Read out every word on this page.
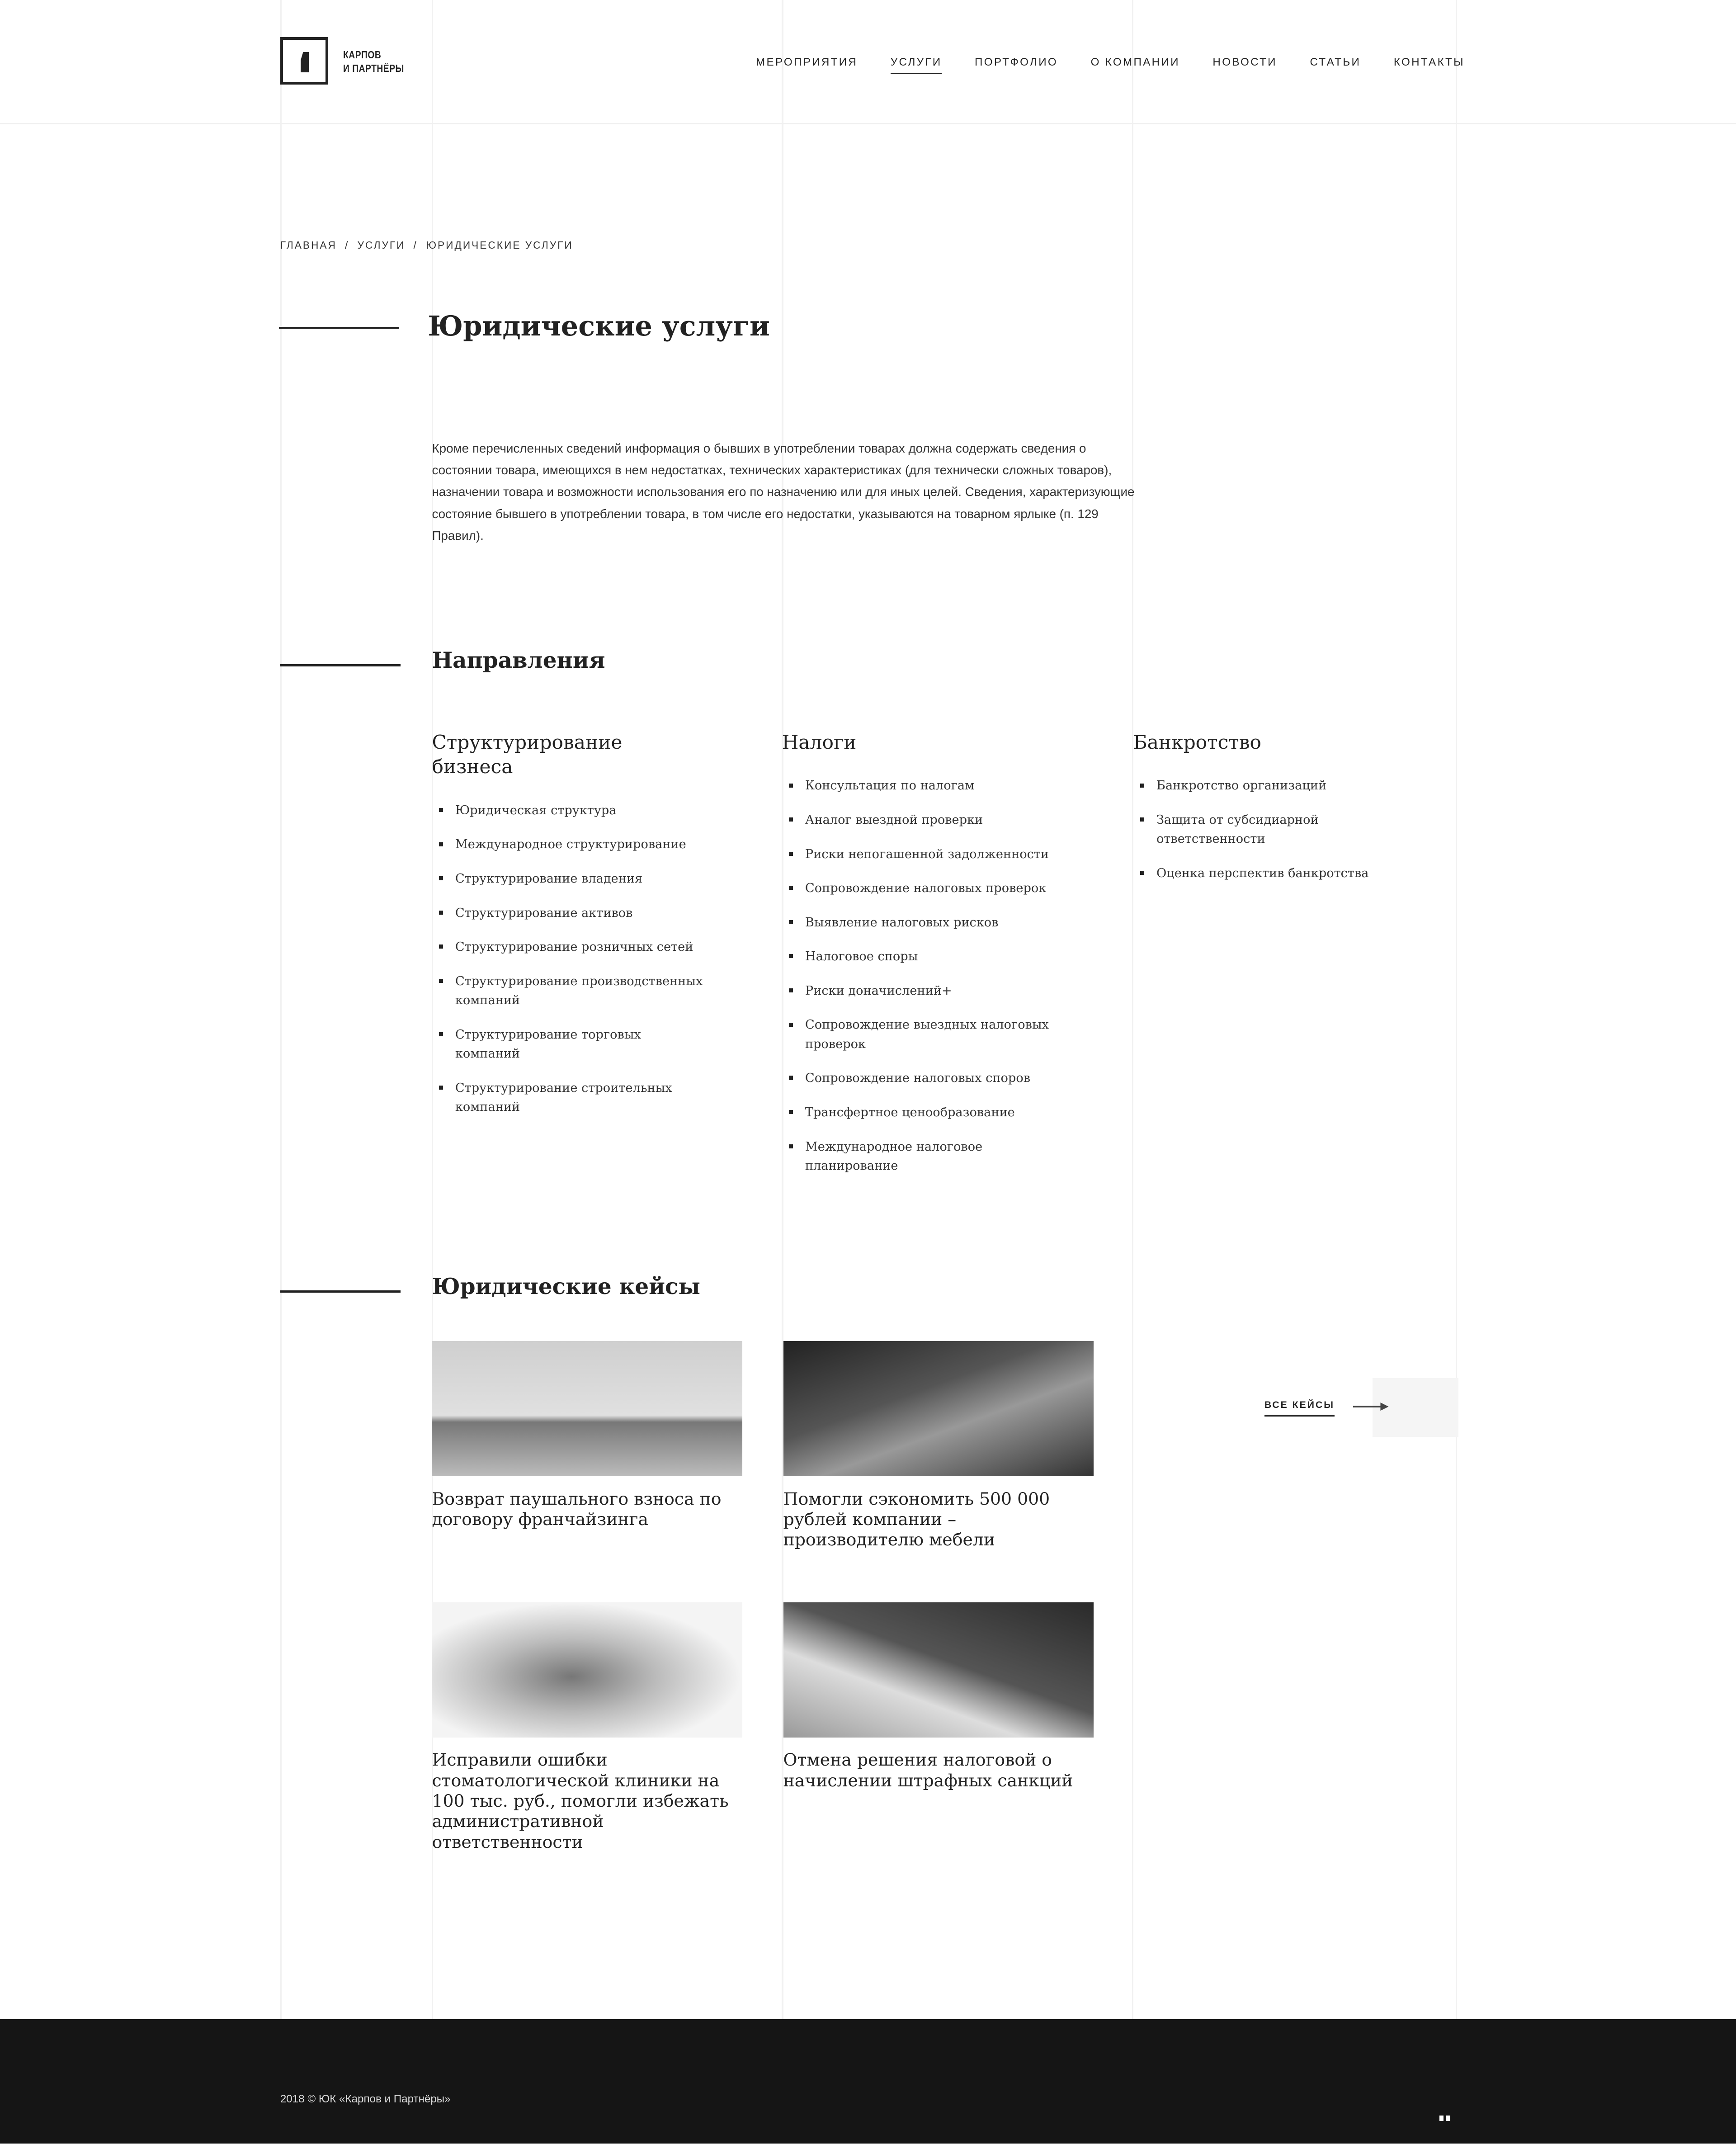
КАРПОВ
И ПАРТНЁРЫ
МЕРОПРИЯТИЯ	УСЛУГИ	ПОРТФОЛИО	О КОМПАНИИ	НОВОСТИ	СТАТЬИ	КОНТАКТЫ
ГЛАВНАЯ / УСЛУГИ / ЮРИДИЧЕСКИЕ УСЛУГИ
Юридические услуги

Кроме перечисленных сведений информация о бывших в употреблении товарах должна содержать сведения о состоянии товара, имеющихся в нем недостатках, технических характеристиках (для технически сложных товаров), назначении товара и возможности использования его по назначению или для иных целей. Сведения, характеризующие состояние бывшего в употреблении товара, в том числе его недостатки, указываются на товарном ярлыке (п. 129 Правил).

Направления
Структурирование бизнеса
Юридическая структура
Международное структурирование
Структурирование владения
Структурирование активов
Структурирование розничных сетей
Структурирование производственных компаний
Структурирование торговых компаний
Структурирование строительных компаний
Налоги
Консультация по налогам
Аналог выездной проверки
Риски непогашенной задолженности
Сопровождение налоговых проверок
Выявление налоговых рисков
Налоговое споры
Риски доначислений+
Сопровождение выездных налоговых проверок
Сопровождение налоговых споров
Трансфертное ценообразование
Международное налоговое планирование
Банкротство
Банкротство организаций
Защита от субсидиарной ответственности
Оценка перспектив банкротства
Юридические кейсы
Возврат паушального взноса по договору франчайзинга
Помогли сэкономить 500 000 рублей компании – производителю мебели
Исправили ошибки стоматологической клиники на 100 тыс. руб., помогли избежать административной ответственности
Отмена решения налоговой о начислении штрафных санкций
ВСЕ КЕЙСЫ
2018 © ЮК «Карпов и Партнёры»
